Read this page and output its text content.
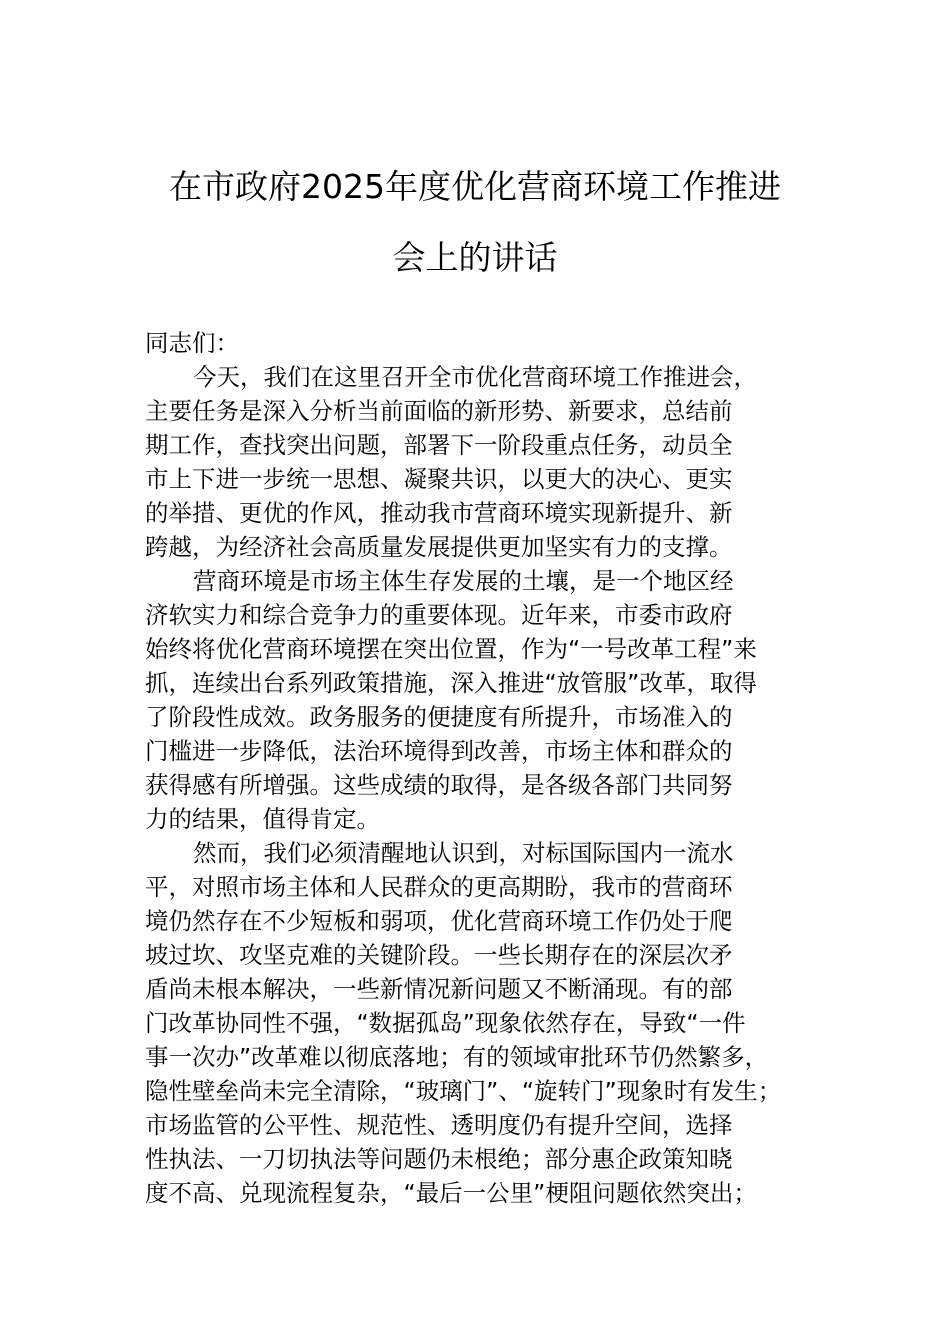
在市政府2025年度优化营商环境工作推进
会上的讲话
同志们：
今天，我们在这里召开全市优化营商环境工作推进会，
主要任务是深入分析当前面临的新形势、新要求，总结前
期工作，查找突出问题，部署下一阶段重点任务，动员全
市上下进一步统一思想、凝聚共识，以更大的决心、更实
的举措、更优的作风，推动我市营商环境实现新提升、新
跨越，为经济社会高质量发展提供更加坚实有力的支撑。
营商环境是市场主体生存发展的土壤，是一个地区经
济软实力和综合竞争力的重要体现。近年来，市委市政府
始终将优化营商环境摆在突出位置，作为“一号改革工程”来
抓，连续出台系列政策措施，深入推进“放管服”改革，取得
了阶段性成效。政务服务的便捷度有所提升，市场准入的
门槛进一步降低，法治环境得到改善，市场主体和群众的
获得感有所增强。这些成绩的取得，是各级各部门共同努
力的结果，值得肯定。
然而，我们必须清醒地认识到，对标国际国内一流水
平，对照市场主体和人民群众的更高期盼，我市的营商环
境仍然存在不少短板和弱项，优化营商环境工作仍处于爬
坡过坎、攻坚克难的关键阶段。一些长期存在的深层次矛
盾尚未根本解决，一些新情况新问题又不断涌现。有的部
门改革协同性不强，“数据孤岛”现象依然存在，导致“一件
事一次办”改革难以彻底落地；有的领域审批环节仍然繁多，
隐性壁垒尚未完全清除，“玻璃门”、“旋转门”现象时有发生；
市场监管的公平性、规范性、透明度仍有提升空间，选择
性执法、一刀切执法等问题仍未根绝；部分惠企政策知晓
度不高、兑现流程复杂，“最后一公里”梗阻问题依然突出；
